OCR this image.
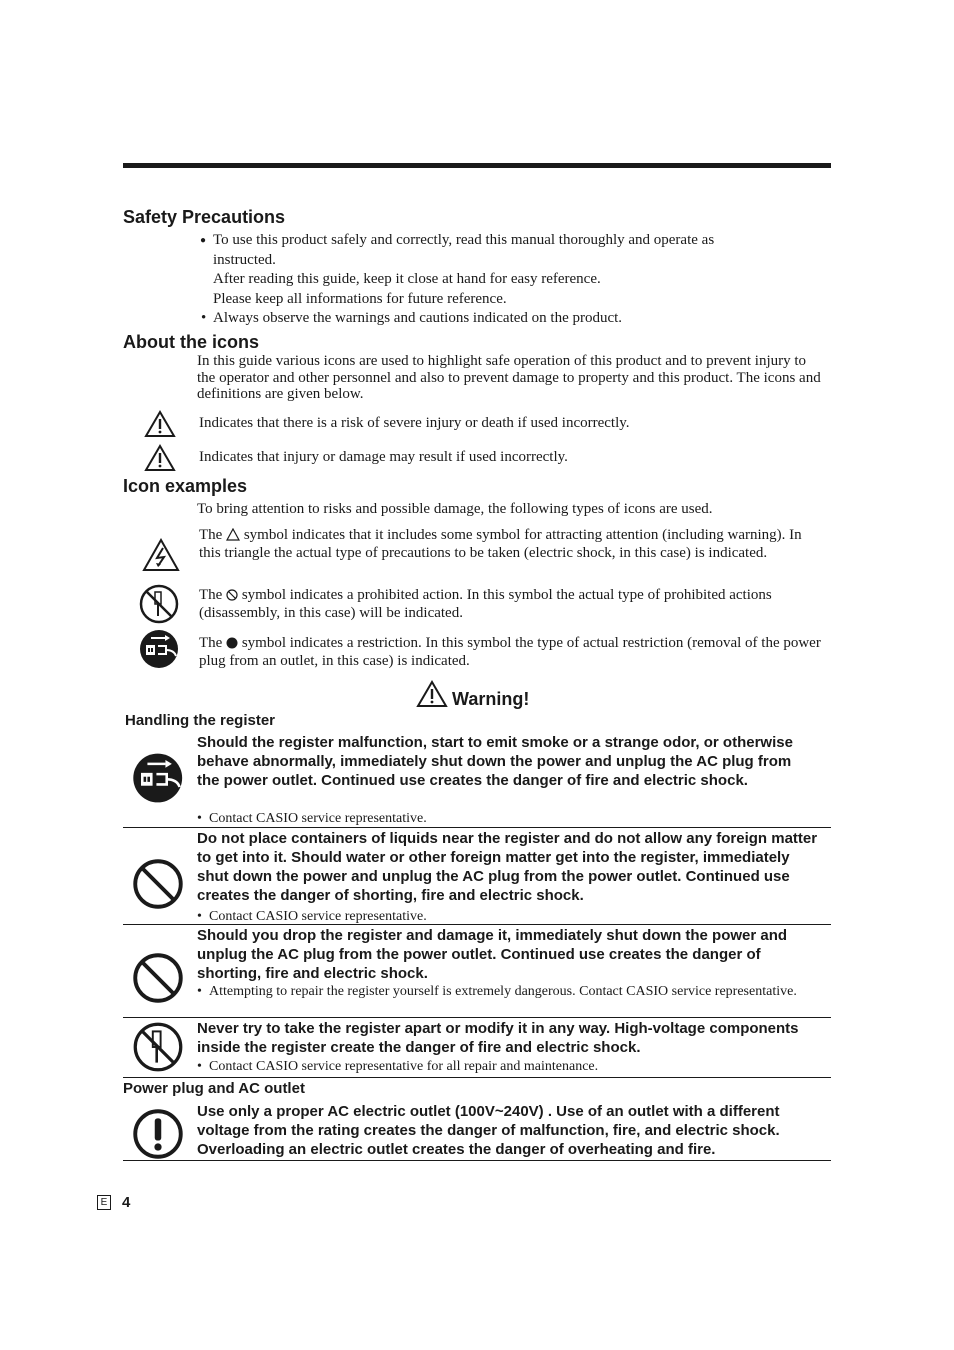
Safety Precautions
● To use this product safely and correctly, read this manual thoroughly and operate as
instructed.
After reading this guide, keep it close at hand for easy reference.
Please keep all informations for future reference.
• Always observe the warnings and cautions indicated on the product.
About the icons
In this guide various icons are used to highlight safe operation of this product and to prevent injury to the operator and other personnel and also to prevent damage to property and this product. The icons and definitions are given below.
Indicates that there is a risk of severe injury or death if used incorrectly.
Indicates that injury or damage may result if used incorrectly.
Icon examples
To bring attention to risks and possible damage, the following types of icons are used.
The symbol indicates that it includes some symbol for attracting attention (including warning). In this triangle the actual type of precautions to be taken (electric shock, in this case) is indicated.
The symbol indicates a prohibited action. In this symbol the actual type of prohibited actions (disassembly, in this case) will be indicated.
The symbol indicates a restriction. In this symbol the type of actual restriction (removal of the power plug from an outlet, in this case) is indicated.
Warning!
Handling the register
Should the register malfunction, start to emit smoke or a strange odor, or otherwise behave abnormally, immediately shut down the power and unplug the AC plug from the power outlet. Continued use creates the danger of fire and electric shock.
• Contact CASIO service representative.
Do not place containers of liquids near the register and do not allow any foreign matter to get into it. Should water or other foreign matter get into the register, immediately shut down the power and unplug the AC plug from the power outlet. Continued use creates the danger of shorting, fire and electric shock.
• Contact CASIO service representative.
Should you drop the register and damage it, immediately shut down the power and unplug the AC plug from the power outlet. Continued use creates the danger of shorting, fire and electric shock.
• Attempting to repair the register yourself is extremely dangerous. Contact CASIO service representative.
Never try to take the register apart or modify it in any way. High-voltage components inside the register create the danger of fire and electric shock.
• Contact CASIO service representative for all repair and maintenance.
Power plug and AC outlet
Use only a proper AC electric outlet (100V~240V) . Use of an outlet with a different voltage from the rating creates the danger of malfunction, fire, and electric shock. Overloading an electric outlet creates the danger of overheating and fire.
E 4
